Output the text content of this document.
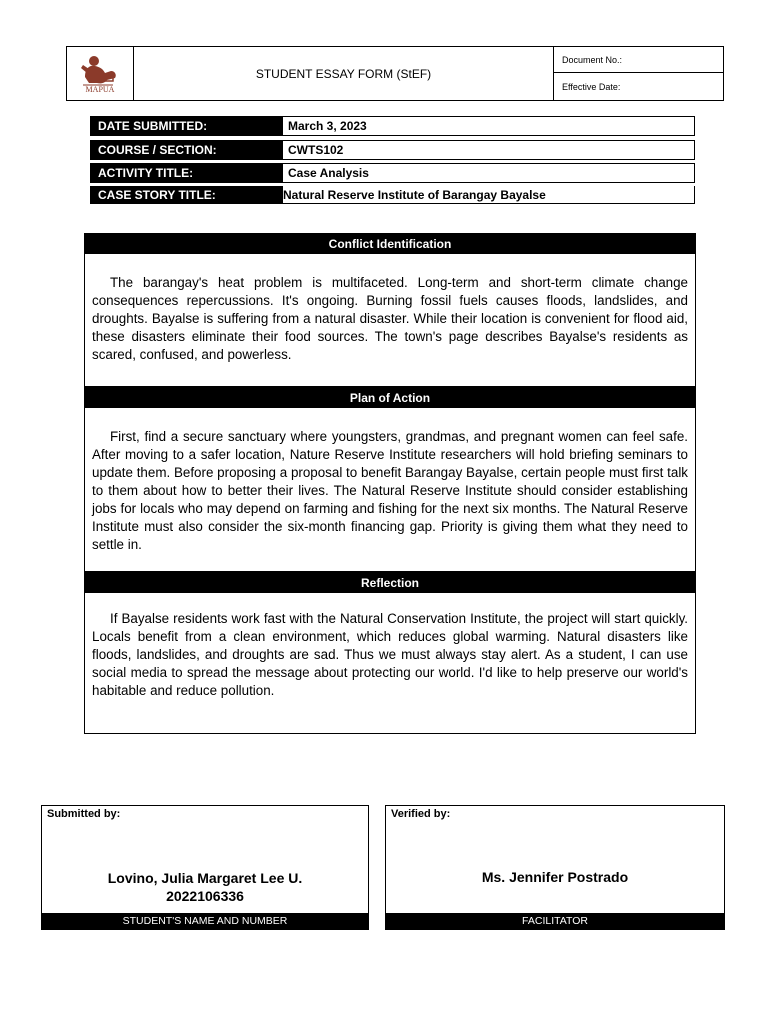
MAPUA
STUDENT ESSAY FORM (StEF)
Document No.:
Effective Date:
DATE SUBMITTED:	March 3, 2023
COURSE / SECTION:	CWTS102
ACTIVITY TITLE:	Case Analysis
CASE STORY TITLE:	Natural Reserve Institute of Barangay Bayalse
Conflict Identification

The barangay's heat problem is multifaceted. Long-term and short-term climate change consequences repercussions. It's ongoing. Burning fossil fuels causes floods, landslides, and droughts. Bayalse is suffering from a natural disaster. While their location is convenient for flood aid, these disasters eliminate their food sources. The town's page describes Bayalse's residents as scared, confused, and powerless.

Plan of Action

First, find a secure sanctuary where youngsters, grandmas, and pregnant women can feel safe. After moving to a safer location, Nature Reserve Institute researchers will hold briefing seminars to update them. Before proposing a proposal to benefit Barangay Bayalse, certain people must first talk to them about how to better their lives. The Natural Reserve Institute should consider establishing jobs for locals who may depend on farming and fishing for the next six months. The Natural Reserve Institute must also consider the six-month financing gap. Priority is giving them what they need to settle in.

Reflection

If Bayalse residents work fast with the Natural Conservation Institute, the project will start quickly. Locals benefit from a clean environment, which reduces global warming. Natural disasters like floods, landslides, and droughts are sad. Thus we must always stay alert. As a student, I can use social media to spread the message about protecting our world. I'd like to help preserve our world's habitable and reduce pollution.

Submitted by:
Lovino, Julia Margaret Lee U.
2022106336
STUDENT'S NAME AND NUMBER
Verified by:
Ms. Jennifer Postrado
FACILITATOR
